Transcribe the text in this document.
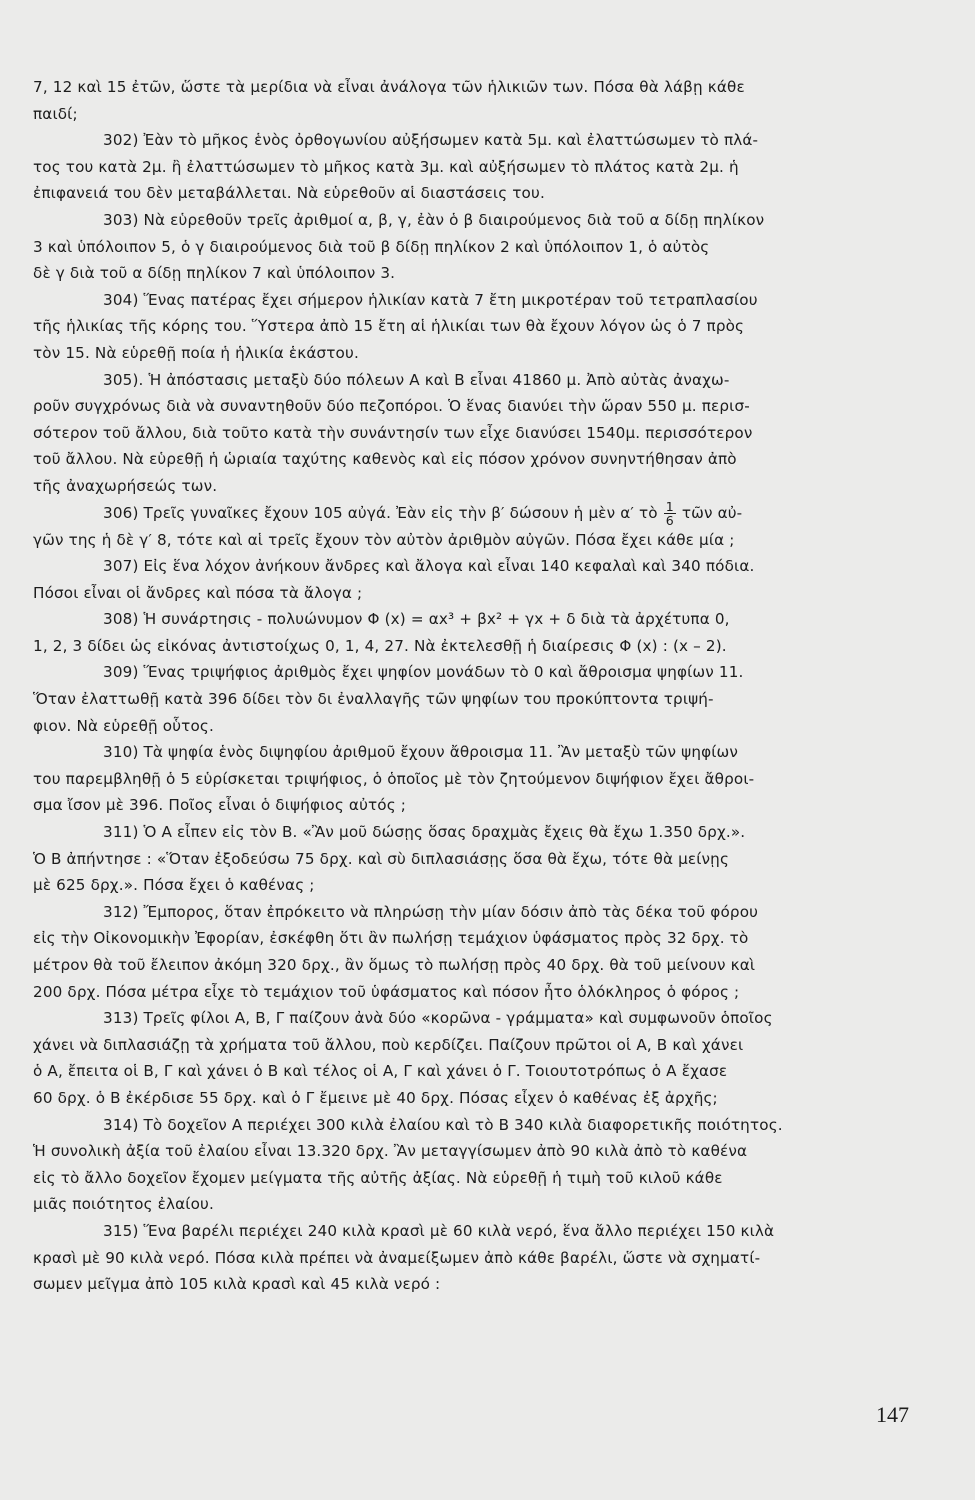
7, 12 καὶ 15 ἐτῶν, ὥστε τὰ μερίδια νὰ εἶναι ἀνάλογα τῶν ἡλικιῶν των. Πόσα θὰ λάβῃ κάθε
παιδί;
302) Ἐὰν τὸ μῆκος ἑνὸς ὀρθογωνίου αὐξήσωμεν κατὰ 5μ. καὶ ἐλαττώσωμεν τὸ πλά-
τος του κατὰ 2μ. ἢ ἐλαττώσωμεν τὸ μῆκος κατὰ 3μ. καὶ αὐξήσωμεν τὸ πλάτος κατὰ 2μ. ἡ
ἐπιφανειά του δὲν μεταβάλλεται. Νὰ εὑρεθοῦν αἱ διαστάσεις του.
303) Νὰ εὑρεθοῦν τρεῖς ἀριθμοί α, β, γ, ἐὰν ὁ β διαιρούμενος διὰ τοῦ α δίδῃ πηλίκον
3 καὶ ὑπόλοιπον 5, ὁ γ διαιρούμενος διὰ τοῦ β δίδῃ πηλίκον 2 καὶ ὑπόλοιπον 1, ὁ αὐτὸς
δὲ γ διὰ τοῦ α δίδῃ πηλίκον 7 καὶ ὑπόλοιπον 3.
304) Ἕνας πατέρας ἔχει σήμερον ἡλικίαν κατὰ 7 ἔτη μικροτέραν τοῦ τετραπλασίου
τῆς ἡλικίας τῆς κόρης του. Ὕστερα ἀπὸ 15 ἔτη αἱ ἡλικίαι των θὰ ἔχουν λόγον ὡς ὁ 7 πρὸς
τὸν 15. Νὰ εὑρεθῇ ποία ἡ ἡλικία ἑκάστου.
305). Ἡ ἀπόστασις μεταξὺ δύο πόλεων Α καὶ Β εἶναι 41860 μ. Ἀπὸ αὐτὰς ἀναχω-
ροῦν συγχρόνως διὰ νὰ συναντηθοῦν δύο πεζοπόροι. Ὁ ἕνας διανύει τὴν ὥραν 550 μ. περισ-
σότερον τοῦ ἄλλου, διὰ τοῦτο κατὰ τὴν συνάντησίν των εἶχε διανύσει 1540μ. περισσότερον
τοῦ ἄλλου. Νὰ εὑρεθῇ ἡ ὡριαία ταχύτης καθενὸς καὶ εἰς πόσον χρόνον συνηντήθησαν ἀπὸ
τῆς ἀναχωρήσεώς των.
306) Τρεῖς γυναῖκες ἔχουν 105 αὐγά. Ἐὰν εἰς τὴν β′ δώσουν ἡ μὲν α′ τὸ $\frac{1}{6}$ τῶν αὐ-
γῶν της ἡ δὲ γ′ 8, τότε καὶ αἱ τρεῖς ἔχουν τὸν αὐτὸν ἀριθμὸν αὐγῶν. Πόσα ἔχει κάθε μία ;
307) Εἰς ἕνα λόχον ἀνήκουν ἄνδρες καὶ ἄλογα καὶ εἶναι 140 κεφαλαὶ καὶ 340 πόδια.
Πόσοι εἶναι οἱ ἄνδρες καὶ πόσα τὰ ἄλογα ;
308) Ἡ συνάρτησις - πολυώνυμον Φ (x) = αx³ + βx² + γx + δ διὰ τὰ ἀρχέτυπα 0,
1, 2, 3 δίδει ὡς εἰκόνας ἀντιστοίχως 0, 1, 4, 27. Νὰ ἐκτελεσθῇ ἡ διαίρεσις Φ (x) : (x – 2).
309) Ἕνας τριψήφιος ἀριθμὸς ἔχει ψηφίον μονάδων τὸ 0 καὶ ἄθροισμα ψηφίων 11.
Ὅταν ἐλαττωθῇ κατὰ 396 δίδει τὸν δι ἐναλλαγῆς τῶν ψηφίων του προκύπτοντα τριψή-
φιον. Νὰ εὑρεθῇ οὗτος.
310) Τὰ ψηφία ἑνὸς διψηφίου ἀριθμοῦ ἔχουν ἄθροισμα 11. Ἂν μεταξὺ τῶν ψηφίων
του παρεμβληθῇ ὁ 5 εὑρίσκεται τριψήφιος, ὁ ὁποῖος μὲ τὸν ζητούμενον διψήφιον ἔχει ἄθροι-
σμα ἴσον μὲ 396. Ποῖος εἶναι ὁ διψήφιος αὐτός ;
311) Ὁ Α εἶπεν εἰς τὸν Β. «Ἂν μοῦ δώσῃς ὅσας δραχμὰς ἔχεις θὰ ἔχω 1.350 δρχ.».
Ὁ Β ἀπήντησε : «Ὅταν ἐξοδεύσω 75 δρχ. καὶ σὺ διπλασιάσῃς ὅσα θὰ ἔχω, τότε θὰ μείνῃς
μὲ 625 δρχ.». Πόσα ἔχει ὁ καθένας ;
312) Ἔμπορος, ὅταν ἐπρόκειτο νὰ πληρώσῃ τὴν μίαν δόσιν ἀπὸ τὰς δέκα τοῦ φόρου
εἰς τὴν Οἰκονομικὴν Ἐφορίαν, ἐσκέφθη ὅτι ἂν πωλήσῃ τεμάχιον ὑφάσματος πρὸς 32 δρχ. τὸ
μέτρον θὰ τοῦ ἔλειπον ἀκόμη 320 δρχ., ἂν ὅμως τὸ πωλήσῃ πρὸς 40 δρχ. θὰ τοῦ μείνουν καὶ
200 δρχ. Πόσα μέτρα εἶχε τὸ τεμάχιον τοῦ ὑφάσματος καὶ πόσον ἦτο ὁλόκληρος ὁ φόρος ;
313) Τρεῖς φίλοι Α, Β, Γ παίζουν ἀνὰ δύο «κορῶνα - γράμματα» καὶ συμφωνοῦν ὁποῖος
χάνει νὰ διπλασιάζῃ τὰ χρήματα τοῦ ἄλλου, ποὺ κερδίζει. Παίζουν πρῶτοι οἱ Α, Β καὶ χάνει
ὁ Α, ἔπειτα οἱ Β, Γ καὶ χάνει ὁ Β καὶ τέλος οἱ Α, Γ καὶ χάνει ὁ Γ. Τοιουτοτρόπως ὁ Α ἔχασε
60 δρχ. ὁ Β ἐκέρδισε 55 δρχ. καὶ ὁ Γ ἔμεινε μὲ 40 δρχ. Πόσας εἶχεν ὁ καθένας ἐξ ἀρχῆς;
314) Τὸ δοχεῖον Α περιέχει 300 κιλὰ ἐλαίου καὶ τὸ Β 340 κιλὰ διαφορετικῆς ποιότητος.
Ἡ συνολικὴ ἀξία τοῦ ἐλαίου εἶναι 13.320 δρχ. Ἂν μεταγγίσωμεν ἀπὸ 90 κιλὰ ἀπὸ τὸ καθένα
εἰς τὸ ἄλλο δοχεῖον ἔχομεν μείγματα τῆς αὐτῆς ἀξίας. Νὰ εὑρεθῇ ἡ τιμὴ τοῦ κιλοῦ κάθε
μιᾶς ποιότητος ἐλαίου.
315) Ἕνα βαρέλι περιέχει 240 κιλὰ κρασὶ μὲ 60 κιλὰ νερό, ἕνα ἄλλο περιέχει 150 κιλὰ
κρασὶ μὲ 90 κιλὰ νερό. Πόσα κιλὰ πρέπει νὰ ἀναμείξωμεν ἀπὸ κάθε βαρέλι, ὥστε νὰ σχηματί-
σωμεν μεῖγμα ἀπὸ 105 κιλὰ κρασὶ καὶ 45 κιλὰ νερό :
147
